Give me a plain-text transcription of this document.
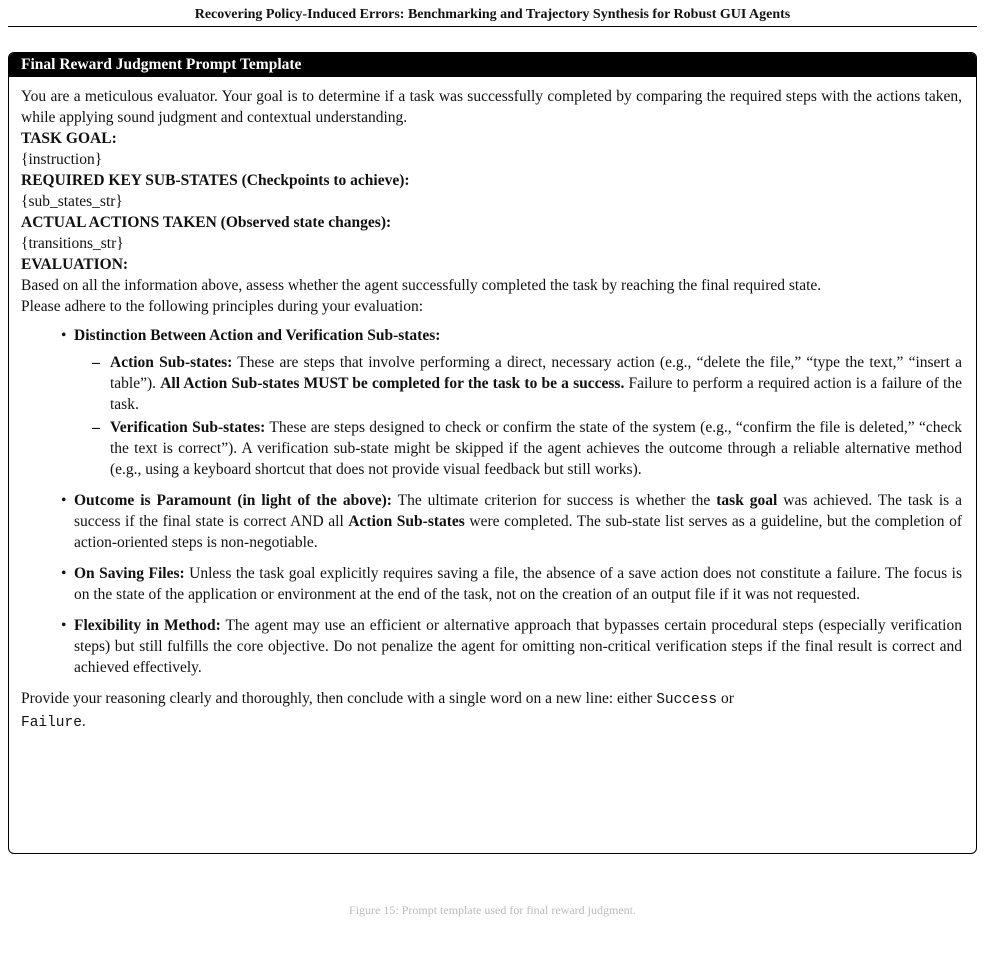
Recovering Policy-Induced Errors: Benchmarking and Trajectory Synthesis for Robust GUI Agents
Final Reward Judgment Prompt Template

You are a meticulous evaluator. Your goal is to determine if a task was successfully completed by comparing the required steps with the actions taken, while applying sound judgment and contextual understanding.

TASK GOAL:

{instruction}

REQUIRED KEY SUB-STATES (Checkpoints to achieve):

{sub_states_str}

ACTUAL ACTIONS TAKEN (Observed state changes):

{transitions_str}

EVALUATION:

Based on all the information above, assess whether the agent successfully completed the task by reaching the final required state.

Please adhere to the following principles during your evaluation:

• Distinction Between Action and Verification Sub-states:
– Action Sub-states: These are steps that involve performing a direct, necessary action (e.g., “delete the file,” “type the text,” “insert a table”). All Action Sub-states MUST be completed for the task to be a success. Failure to perform a required action is a failure of the task.
– Verification Sub-states: These are steps designed to check or confirm the state of the system (e.g., “confirm the file is deleted,” “check the text is correct”). A verification sub-state might be skipped if the agent achieves the outcome through a reliable alternative method (e.g., using a keyboard shortcut that does not provide visual feedback but still works).
• Outcome is Paramount (in light of the above): The ultimate criterion for success is whether the task goal was achieved. The task is a success if the final state is correct AND all Action Sub-states were completed. The sub-state list serves as a guideline, but the completion of action-oriented steps is non-negotiable.
• On Saving Files: Unless the task goal explicitly requires saving a file, the absence of a save action does not constitute a failure. The focus is on the state of the application or environment at the end of the task, not on the creation of an output file if it was not requested.
• Flexibility in Method: The agent may use an efficient or alternative approach that bypasses certain procedural steps (especially verification steps) but still fulfills the core objective. Do not penalize the agent for omitting non-critical verification steps if the final result is correct and achieved effectively.

Provide your reasoning clearly and thoroughly, then conclude with a single word on a new line: either Success or
Failure.

Figure 15: Prompt template used for final reward judgment.
